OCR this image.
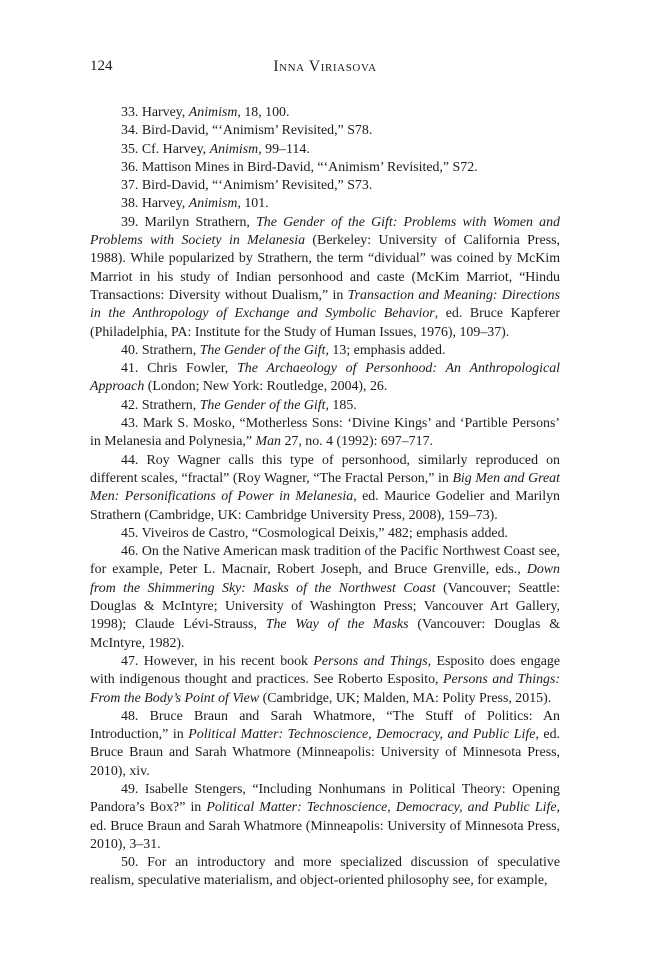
124	Inna Viriasova

33. Harvey, Animism, 18, 100.

34. Bird-David, “‘Animism’ Revisited,” S78.

35. Cf. Harvey, Animism, 99–114.

36. Mattison Mines in Bird-David, “‘Animism’ Revisited,” S72.

37. Bird-David, “‘Animism’ Revisited,” S73.

38. Harvey, Animism, 101.

39. Marilyn Strathern, The Gender of the Gift: Problems with Women and Problems with Society in Melanesia (Berkeley: University of California Press, 1988). While popularized by Strathern, the term “dividual” was coined by McKim Marriot in his study of Indian personhood and caste (McKim Marriot, “Hindu Transactions: Diversity without Dualism,” in Transaction and Meaning: Directions in the Anthropology of Exchange and Symbolic Behavior, ed. Bruce Kapferer (Philadelphia, PA: Institute for the Study of Human Issues, 1976), 109–37).

40. Strathern, The Gender of the Gift, 13; emphasis added.

41. Chris Fowler, The Archaeology of Personhood: An Anthropological Approach (London; New York: Routledge, 2004), 26.

42. Strathern, The Gender of the Gift, 185.

43. Mark S. Mosko, “Motherless Sons: ‘Divine Kings’ and ‘Partible Persons’ in Melanesia and Polynesia,” Man 27, no. 4 (1992): 697–717.

44. Roy Wagner calls this type of personhood, similarly reproduced on different scales, “fractal” (Roy Wagner, “The Fractal Person,” in Big Men and Great Men: Personifications of Power in Melanesia, ed. Maurice Godelier and Marilyn Strathern (Cambridge, UK: Cambridge University Press, 2008), 159–73).

45. Viveiros de Castro, “Cosmological Deixis,” 482; emphasis added.

46. On the Native American mask tradition of the Pacific Northwest Coast see, for example, Peter L. Macnair, Robert Joseph, and Bruce Grenville, eds., Down from the Shimmering Sky: Masks of the Northwest Coast (Vancouver; Seattle: Douglas & McIntyre; University of Washington Press; Vancouver Art Gallery, 1998); Claude Lévi-Strauss, The Way of the Masks (Vancouver: Douglas & McIntyre, 1982).

47. However, in his recent book Persons and Things, Esposito does engage with indigenous thought and practices. See Roberto Esposito, Persons and Things: From the Body’s Point of View (Cambridge, UK; Malden, MA: Polity Press, 2015).

48. Bruce Braun and Sarah Whatmore, “The Stuff of Politics: An Introduction,” in Political Matter: Technoscience, Democracy, and Public Life, ed. Bruce Braun and Sarah Whatmore (Minneapolis: University of Minnesota Press, 2010), xiv.

49. Isabelle Stengers, “Including Nonhumans in Political Theory: Opening Pandora’s Box?” in Political Matter: Technoscience, Democracy, and Public Life, ed. Bruce Braun and Sarah Whatmore (Minneapolis: University of Minnesota Press, 2010), 3–31.

50. For an introductory and more specialized discussion of speculative realism, speculative materialism, and object-oriented philosophy see, for example,
